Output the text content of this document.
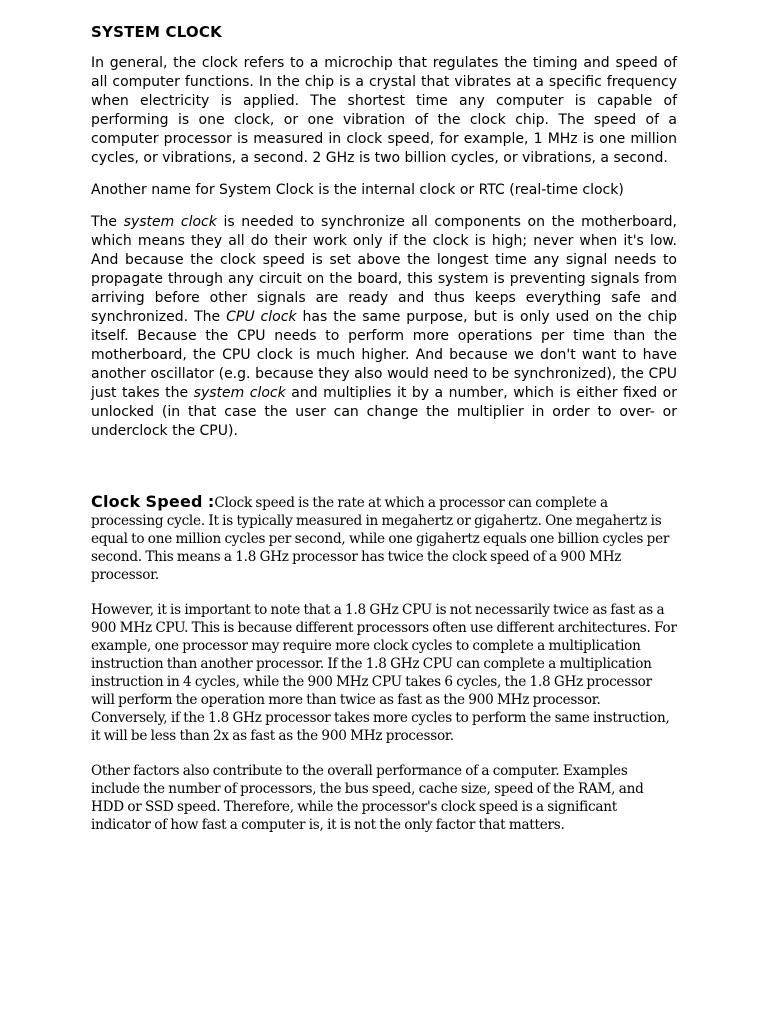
SYSTEM CLOCK

In general, the clock refers to a microchip that regulates the timing and speed of all computer functions. In the chip is a crystal that vibrates at a specific frequency when electricity is applied. The shortest time any computer is capable of performing is one clock, or one vibration of the clock chip. The speed of a computer processor is measured in clock speed, for example, 1 MHz is one million cycles, or vibrations, a second. 2 GHz is two billion cycles, or vibrations, a second.

Another name for System Clock is the internal clock or RTC (real-time clock)

The system clock is needed to synchronize all components on the motherboard, which means they all do their work only if the clock is high; never when it's low. And because the clock speed is set above the longest time any signal needs to propagate through any circuit on the board, this system is preventing signals from arriving before other signals are ready and thus keeps everything safe and synchronized. The CPU clock has the same purpose, but is only used on the chip itself. Because the CPU needs to perform more operations per time than the motherboard, the CPU clock is much higher. And because we don't want to have another oscillator (e.g. because they also would need to be synchronized), the CPU just takes the system clock and multiplies it by a number, which is either fixed or unlocked (in that case the user can change the multiplier in order to over- or underclock the CPU).

Clock Speed :Clock speed is the rate at which a processor can complete a processing cycle. It is typically measured in megahertz or gigahertz. One megahertz is equal to one million cycles per second, while one gigahertz equals one billion cycles per second. This means a 1.8 GHz processor has twice the clock speed of a 900 MHz processor.

However, it is important to note that a 1.8 GHz CPU is not necessarily twice as fast as a 900 MHz CPU. This is because different processors often use different architectures. For example, one processor may require more clock cycles to complete a multiplication instruction than another processor. If the 1.8 GHz CPU can complete a multiplication instruction in 4 cycles, while the 900 MHz CPU takes 6 cycles, the 1.8 GHz processor will perform the operation more than twice as fast as the 900 MHz processor. Conversely, if the 1.8 GHz processor takes more cycles to perform the same instruction, it will be less than 2x as fast as the 900 MHz processor.

Other factors also contribute to the overall performance of a computer. Examples include the number of processors, the bus speed, cache size, speed of the RAM, and HDD or SSD speed. Therefore, while the processor's clock speed is a significant indicator of how fast a computer is, it is not the only factor that matters.
